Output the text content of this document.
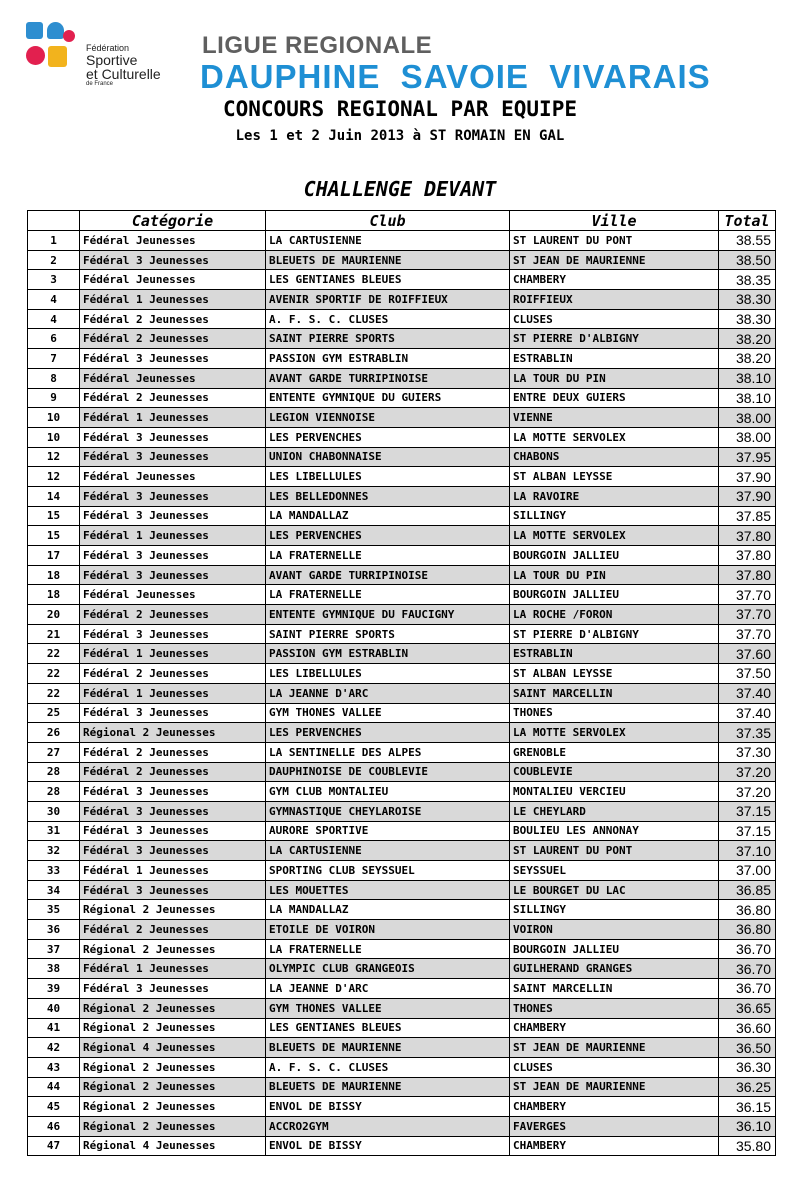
Fédération
Sportive
et Culturelle
de France
LIGUE REGIONALE
DAUPHINE  SAVOIE  VIVARAIS
CONCOURS REGIONAL PAR EQUIPE
Les 1 et 2 Juin 2013 à ST ROMAIN EN GAL
CHALLENGE DEVANT
	Catégorie	Club	Ville	Total
1	Fédéral Jeunesses	LA CARTUSIENNE	ST LAURENT DU PONT	38.55
2	Fédéral 3 Jeunesses	BLEUETS DE MAURIENNE	ST JEAN DE MAURIENNE	38.50
3	Fédéral Jeunesses	LES GENTIANES BLEUES	CHAMBERY	38.35
4	Fédéral 1 Jeunesses	AVENIR SPORTIF DE ROIFFIEUX	ROIFFIEUX	38.30
4	Fédéral 2 Jeunesses	A. F. S. C. CLUSES	CLUSES	38.30
6	Fédéral 2 Jeunesses	SAINT PIERRE SPORTS	ST PIERRE D'ALBIGNY	38.20
7	Fédéral 3 Jeunesses	PASSION GYM ESTRABLIN	ESTRABLIN	38.20
8	Fédéral Jeunesses	AVANT GARDE TURRIPINOISE	LA TOUR DU PIN	38.10
9	Fédéral 2 Jeunesses	ENTENTE GYMNIQUE DU GUIERS	ENTRE DEUX GUIERS	38.10
10	Fédéral 1 Jeunesses	LEGION VIENNOISE	VIENNE	38.00
10	Fédéral 3 Jeunesses	LES PERVENCHES	LA MOTTE SERVOLEX	38.00
12	Fédéral 3 Jeunesses	UNION CHABONNAISE	CHABONS	37.95
12	Fédéral Jeunesses	LES LIBELLULES	ST ALBAN LEYSSE	37.90
14	Fédéral 3 Jeunesses	LES BELLEDONNES	LA RAVOIRE	37.90
15	Fédéral 3 Jeunesses	LA MANDALLAZ	SILLINGY	37.85
15	Fédéral 1 Jeunesses	LES PERVENCHES	LA MOTTE SERVOLEX	37.80
17	Fédéral 3 Jeunesses	LA FRATERNELLE	BOURGOIN JALLIEU	37.80
18	Fédéral 3 Jeunesses	AVANT GARDE TURRIPINOISE	LA TOUR DU PIN	37.80
18	Fédéral Jeunesses	LA FRATERNELLE	BOURGOIN JALLIEU	37.70
20	Fédéral 2 Jeunesses	ENTENTE GYMNIQUE DU FAUCIGNY	LA ROCHE /FORON	37.70
21	Fédéral 3 Jeunesses	SAINT PIERRE SPORTS	ST PIERRE D'ALBIGNY	37.70
22	Fédéral 1 Jeunesses	PASSION GYM ESTRABLIN	ESTRABLIN	37.60
22	Fédéral 2 Jeunesses	LES LIBELLULES	ST ALBAN LEYSSE	37.50
22	Fédéral 1 Jeunesses	LA JEANNE D'ARC	SAINT MARCELLIN	37.40
25	Fédéral 3 Jeunesses	GYM THONES VALLEE	THONES	37.40
26	Régional 2 Jeunesses	LES PERVENCHES	LA MOTTE SERVOLEX	37.35
27	Fédéral 2 Jeunesses	LA SENTINELLE DES ALPES	GRENOBLE	37.30
28	Fédéral 2 Jeunesses	DAUPHINOISE DE COUBLEVIE	COUBLEVIE	37.20
28	Fédéral 3 Jeunesses	GYM CLUB MONTALIEU	MONTALIEU VERCIEU	37.20
30	Fédéral 3 Jeunesses	GYMNASTIQUE CHEYLAROISE	LE CHEYLARD	37.15
31	Fédéral 3 Jeunesses	AURORE SPORTIVE	BOULIEU LES ANNONAY	37.15
32	Fédéral 3 Jeunesses	LA CARTUSIENNE	ST LAURENT DU PONT	37.10
33	Fédéral 1 Jeunesses	SPORTING CLUB SEYSSUEL	SEYSSUEL	37.00
34	Fédéral 3 Jeunesses	LES MOUETTES	LE BOURGET DU LAC	36.85
35	Régional 2 Jeunesses	LA MANDALLAZ	SILLINGY	36.80
36	Fédéral 2 Jeunesses	ETOILE DE VOIRON	VOIRON	36.80
37	Régional 2 Jeunesses	LA FRATERNELLE	BOURGOIN JALLIEU	36.70
38	Fédéral 1 Jeunesses	OLYMPIC CLUB GRANGEOIS	GUILHERAND GRANGES	36.70
39	Fédéral 3 Jeunesses	LA JEANNE D'ARC	SAINT MARCELLIN	36.70
40	Régional 2 Jeunesses	GYM THONES VALLEE	THONES	36.65
41	Régional 2 Jeunesses	LES GENTIANES BLEUES	CHAMBERY	36.60
42	Régional 4 Jeunesses	BLEUETS DE MAURIENNE	ST JEAN DE MAURIENNE	36.50
43	Régional 2 Jeunesses	A. F. S. C. CLUSES	CLUSES	36.30
44	Régional 2 Jeunesses	BLEUETS DE MAURIENNE	ST JEAN DE MAURIENNE	36.25
45	Régional 2 Jeunesses	ENVOL DE BISSY	CHAMBERY	36.15
46	Régional 2 Jeunesses	ACCRO2GYM	FAVERGES	36.10
47	Régional 4 Jeunesses	ENVOL DE BISSY	CHAMBERY	35.80
